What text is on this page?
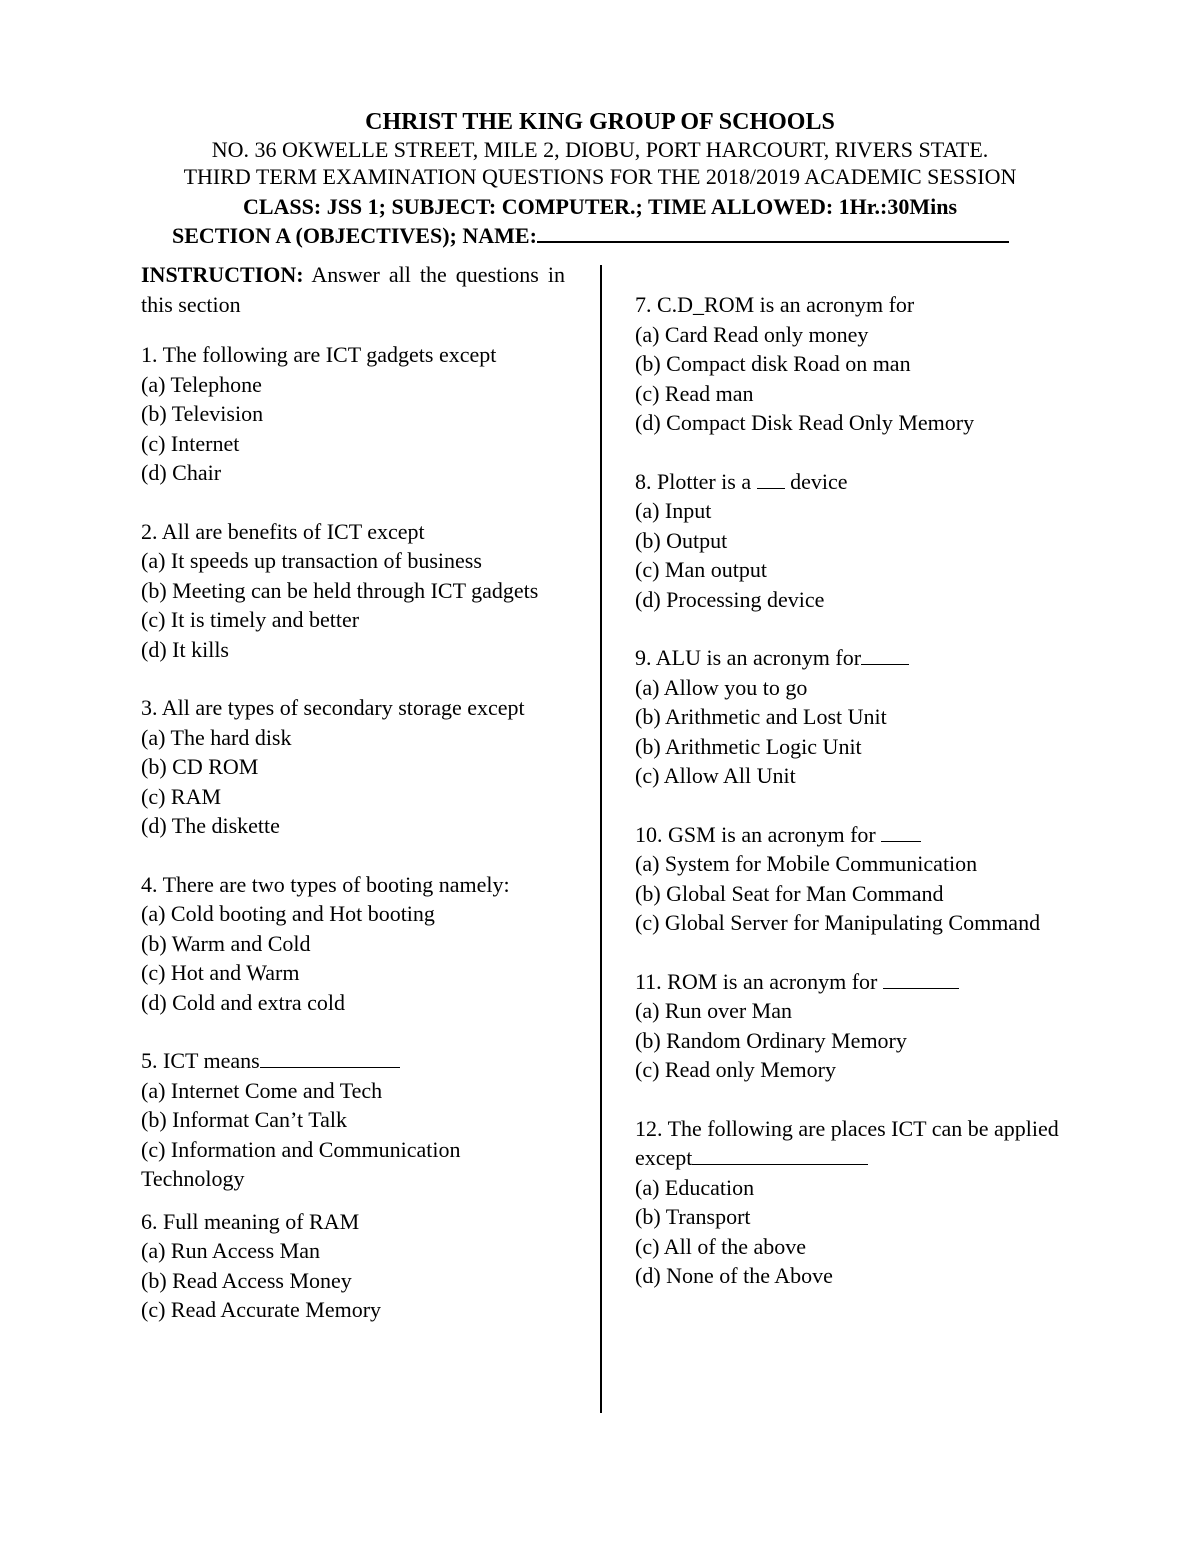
CHRIST THE KING GROUP OF SCHOOLS
NO. 36 OKWELLE STREET, MILE 2, DIOBU, PORT HARCOURT, RIVERS STATE.
THIRD TERM EXAMINATION QUESTIONS FOR THE 2018/2019 ACADEMIC SESSION
CLASS: JSS 1; SUBJECT: COMPUTER.; TIME ALLOWED: 1Hr.:30Mins
SECTION A (OBJECTIVES); NAME:
INSTRUCTION: Answer all the questions in this section

1. The following are ICT gadgets except

(a) Telephone

(b) Television

(c) Internet

(d) Chair

2. All are benefits of ICT except

(a) It speeds up transaction of business

(b) Meeting can be held through ICT gadgets

(c) It is timely and better

(d) It kills

3. All are types of secondary storage except

(a) The hard disk

(b) CD ROM

(c) RAM

(d) The diskette

4. There are two types of booting namely:

(a) Cold booting and Hot booting

(b) Warm and Cold

(c) Hot and Warm

(d) Cold and extra cold

5. ICT means

(a) Internet Come and Tech

(b) Informat Can’t Talk

(c) Information and Communication Technology

6. Full meaning of RAM

(a) Run Access Man

(b) Read Access Money

(c) Read Accurate Memory

7. C.D_ROM is an acronym for

(a) Card Read only money

(b) Compact disk Road on man

(c) Read man

(d) Compact Disk Read Only Memory

8. Plotter is a device

(a) Input

(b) Output

(c) Man output

(d) Processing device

9. ALU is an acronym for

(a) Allow you to go

(b) Arithmetic and Lost Unit

(b) Arithmetic Logic Unit

(c) Allow All Unit

10. GSM is an acronym for

(a) System for Mobile Communication

(b) Global Seat for Man Command

(c) Global Server for Manipulating Command

11. ROM is an acronym for

(a) Run over Man

(b) Random Ordinary Memory

(c) Read only Memory

12. The following are places ICT can be applied except

(a) Education

(b) Transport

(c) All of the above

(d) None of the Above
